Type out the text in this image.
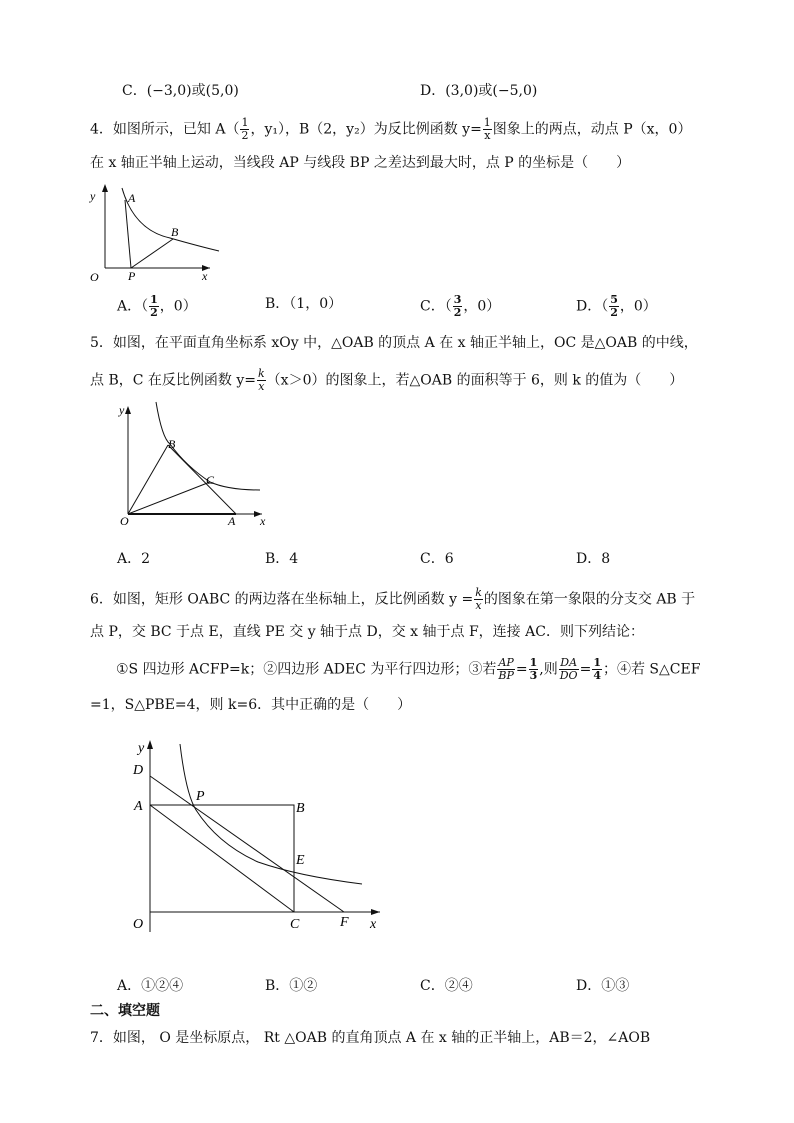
C．(−3,0)或(5,0)	D．(3,0)或(−5,0)
4．如图所示，已知 $A( \frac{1}{2}$ ，y₁），B（2，y₂）为反比例函数 $y= \frac{1}{x}$ 图象上的两点，动点 P（x，0）
在 x 轴正半轴上运动，当线段 AP 与线段 BP 之差达到最大时，点 P 的坐标是（　　）
y	A
B
O P	x
A．（ $\frac{1}{2}$ ，0）	B．（1，0）	C．（ $\frac{3}{2}$ ，0）	D．（ $\frac{5}{2}$ ，0）
5．如图，在平面直角坐标系 xOy 中，△OAB 的顶点 A 在 x 轴正半轴上，OC 是△OAB 的中线，
点 B，C 在反比例函数 $y= \frac{k}{x} (x>0)$的图象上，若△OAB 的面积等于 6，则 k 的值为（　　）
y
B
C
O	A x
A．2	B．4	C．6	D．8
6．如图，矩形 OABC 的两边落在坐标轴上，反比例函数 $y = \frac{k}{x}$ 的图象在第一象限的分支交 AB 于
点 P，交 BC 于点 E，直线 PE 交 y 轴于点 D，交 x 轴于点 F，连接 AC．则下列结论：
①S 四边形 ACFP=k；②四边形 ADEC 为平行四边形；③若 $\frac{AP}{BP} = \frac{1}{3}$ ,则 $\frac{DA}{DO} = \frac{1}{4}$ ；④若 S△CEF
=1，S△PBE=4，则 k=6．其中正确的是（　　）
y
D
A
P
B
E
O	C	F x
A．①②④	B．①②	C．②④	D．①③
二、填空题
7．如图， O 是坐标原点， Rt △OAB 的直角顶点 A 在 x 轴的正半轴上，AB＝2，∠AOB
